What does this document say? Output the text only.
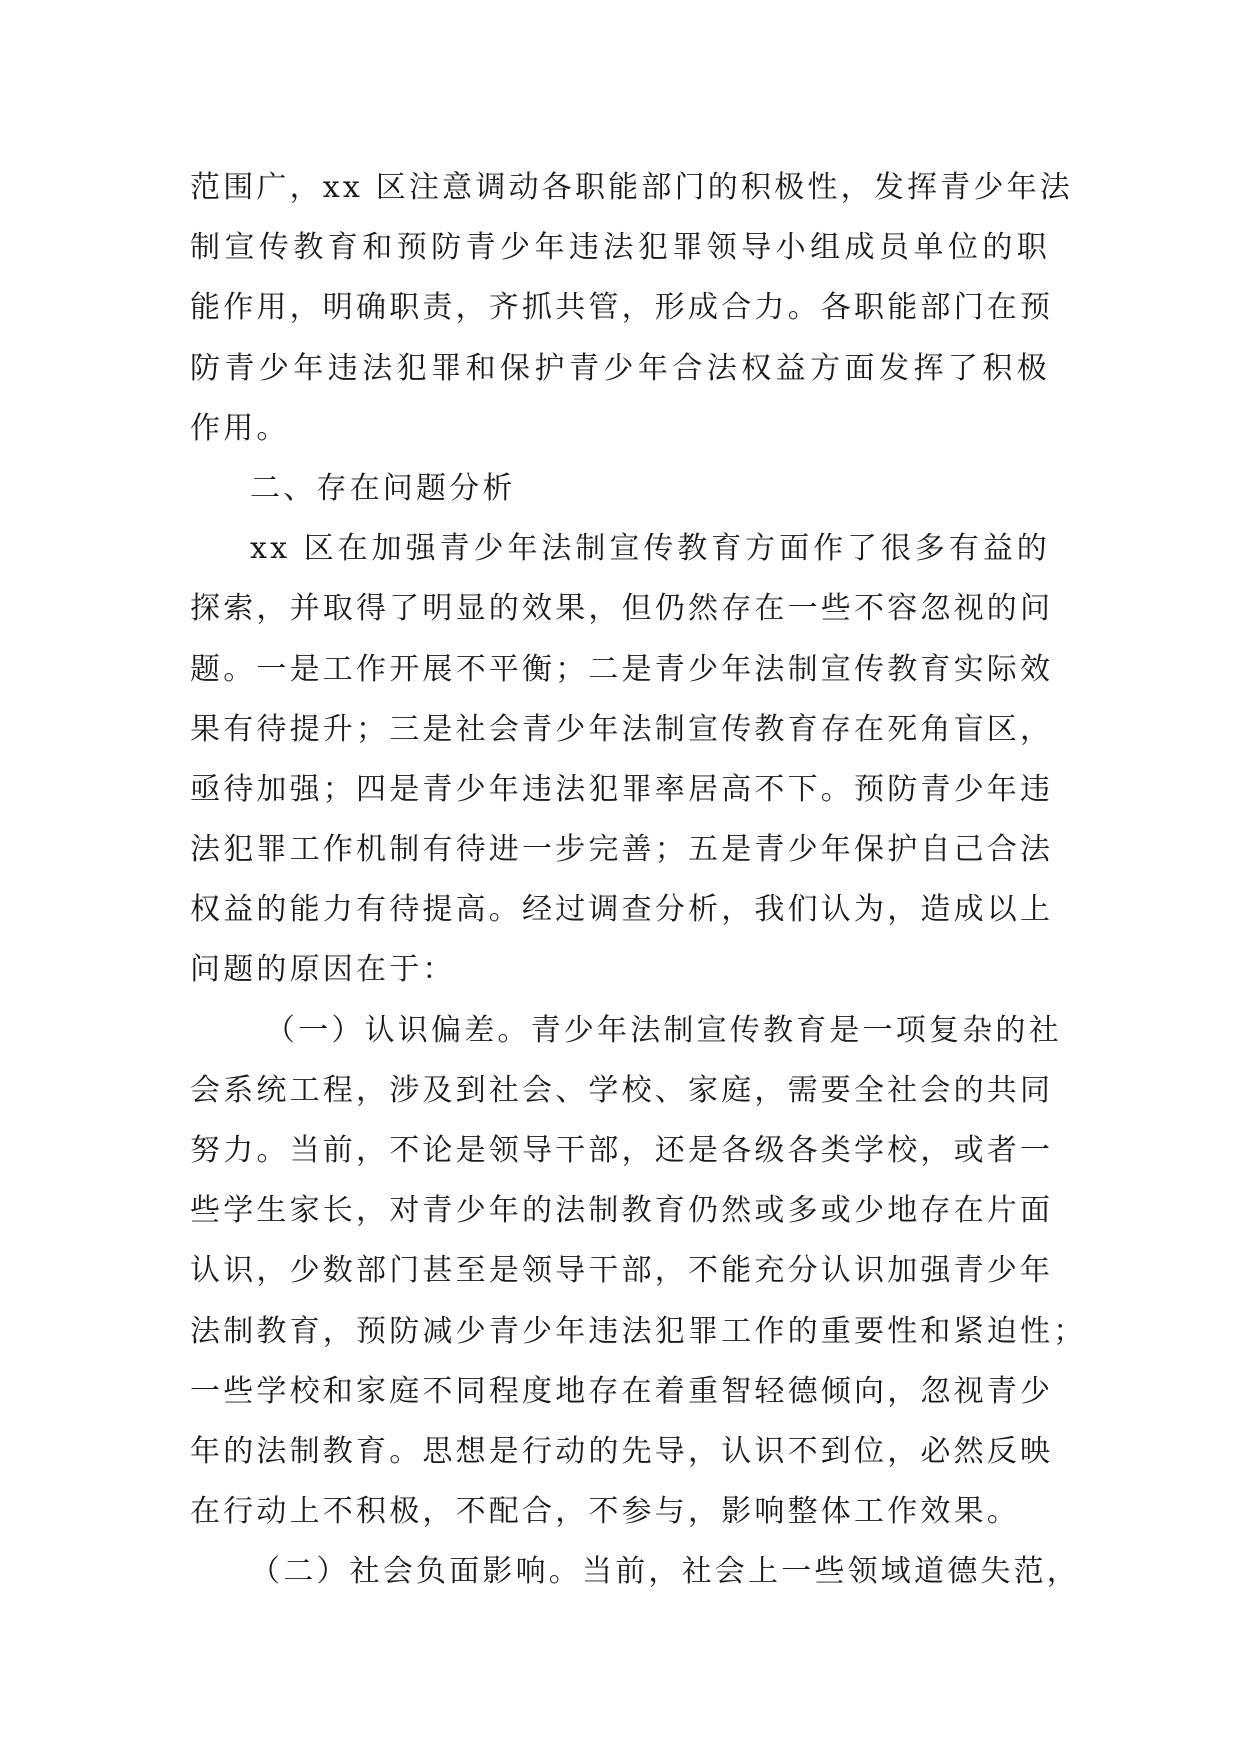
范围广，xx 区注意调动各职能部门的积极性，发挥青少年法
制宣传教育和预防青少年违法犯罪领导小组成员单位的职
能作用，明确职责，齐抓共管，形成合力。各职能部门在预
防青少年违法犯罪和保护青少年合法权益方面发挥了积极
作用。
二、存在问题分析
xx 区在加强青少年法制宣传教育方面作了很多有益的
探索，并取得了明显的效果，但仍然存在一些不容忽视的问
题。一是工作开展不平衡；二是青少年法制宣传教育实际效
果有待提升；三是社会青少年法制宣传教育存在死角盲区，
亟待加强；四是青少年违法犯罪率居高不下。预防青少年违
法犯罪工作机制有待进一步完善；五是青少年保护自己合法
权益的能力有待提高。经过调查分析，我们认为，造成以上
问题的原因在于：
（一）认识偏差。青少年法制宣传教育是一项复杂的社
会系统工程，涉及到社会、学校、家庭，需要全社会的共同
努力。当前，不论是领导干部，还是各级各类学校，或者一
些学生家长，对青少年的法制教育仍然或多或少地存在片面
认识，少数部门甚至是领导干部，不能充分认识加强青少年
法制教育，预防减少青少年违法犯罪工作的重要性和紧迫性；
一些学校和家庭不同程度地存在着重智轻德倾向，忽视青少
年的法制教育。思想是行动的先导，认识不到位，必然反映
在行动上不积极，不配合，不参与，影响整体工作效果。
（二）社会负面影响。当前，社会上一些领域道德失范，
